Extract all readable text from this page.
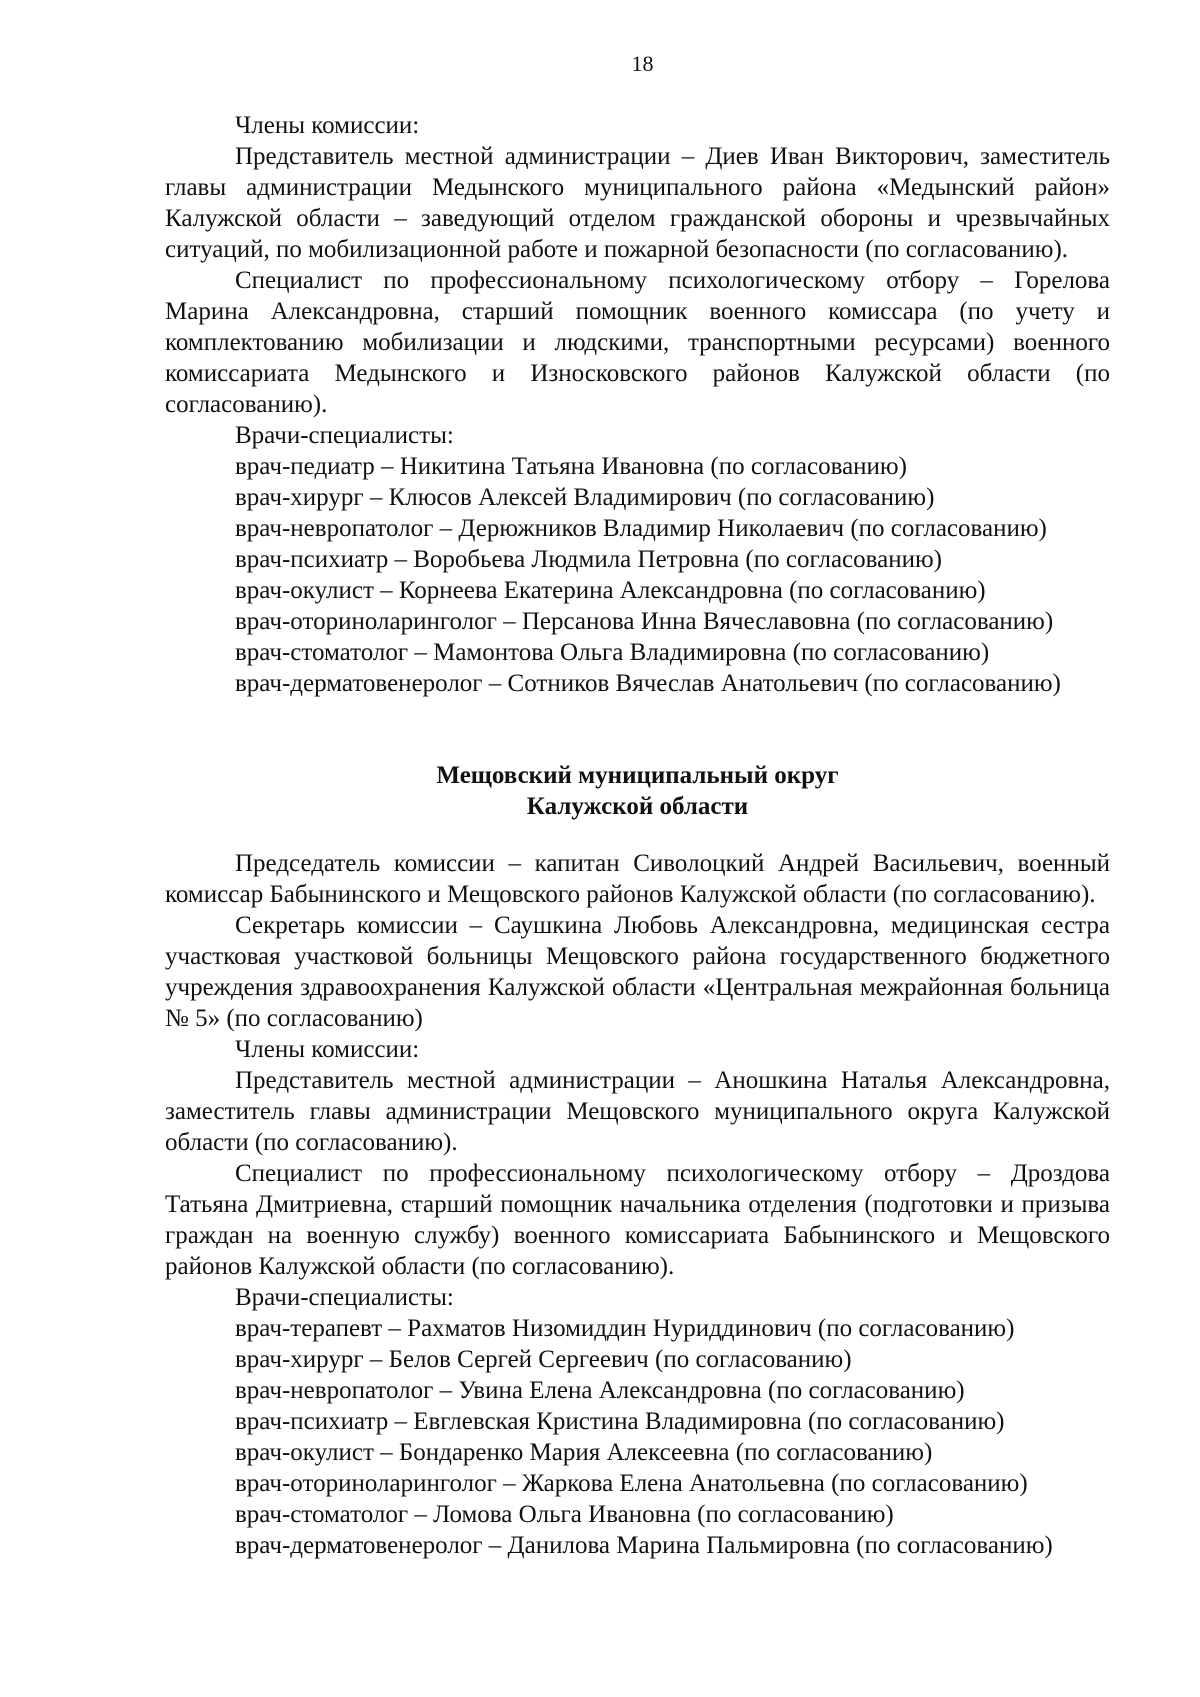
18

Члены комиссии:

Представитель местной администрации – Диев Иван Викторович, заместитель главы администрации Медынского муниципального района «Медынский район» Калужской области – заведующий отделом гражданской обороны и чрезвычайных ситуаций, по мобилизационной работе и пожарной безопасности (по согласованию).

Специалист по профессиональному психологическому отбору – Горелова Марина Александровна, старший помощник военного комиссара (по учету и комплектованию мобилизации и людскими, транспортными ресурсами) военного комиссариата Медынского и Износковского районов Калужской области (по согласованию).

Врачи-специалисты:

врач-педиатр – Никитина Татьяна Ивановна (по согласованию)

врач-хирург – Клюсов Алексей Владимирович (по согласованию)

врач-невропатолог – Дерюжников Владимир Николаевич (по согласованию)

врач-психиатр – Воробьева Людмила Петровна (по согласованию)

врач-окулист – Корнеева Екатерина Александровна (по согласованию)

врач-оториноларинголог – Персанова Инна Вячеславовна (по согласованию)

врач-стоматолог – Мамонтова Ольга Владимировна (по согласованию)

врач-дерматовенеролог – Сотников Вячеслав Анатольевич (по согласованию)

Мещовский муниципальный округ
Калужской области

Председатель комиссии – капитан Сиволоцкий Андрей Васильевич, военный комиссар Бабынинского и Мещовского районов Калужской области (по согласованию).

Секретарь комиссии – Саушкина Любовь Александровна, медицинская сестра участковая участковой больницы Мещовского района государственного бюджетного учреждения здравоохранения Калужской области «Центральная межрайонная больница № 5» (по согласованию)

Члены комиссии:

Представитель местной администрации – Аношкина Наталья Александровна, заместитель главы администрации Мещовского муниципального округа Калужской области (по согласованию).

Специалист по профессиональному психологическому отбору – Дроздова Татьяна Дмитриевна, старший помощник начальника отделения (подготовки и призыва граждан на военную службу) военного комиссариата Бабынинского и Мещовского районов Калужской области (по согласованию).

Врачи-специалисты:

врач-терапевт – Рахматов Низомиддин Нуриддинович (по согласованию)

врач-хирург – Белов Сергей Сергеевич (по согласованию)

врач-невропатолог – Увина Елена Александровна (по согласованию)

врач-психиатр – Евглевская Кристина Владимировна (по согласованию)

врач-окулист – Бондаренко Мария Алексеевна (по согласованию)

врач-оториноларинголог – Жаркова Елена Анатольевна (по согласованию)

врач-стоматолог – Ломова Ольга Ивановна (по согласованию)

врач-дерматовенеролог – Данилова Марина Пальмировна (по согласованию)
